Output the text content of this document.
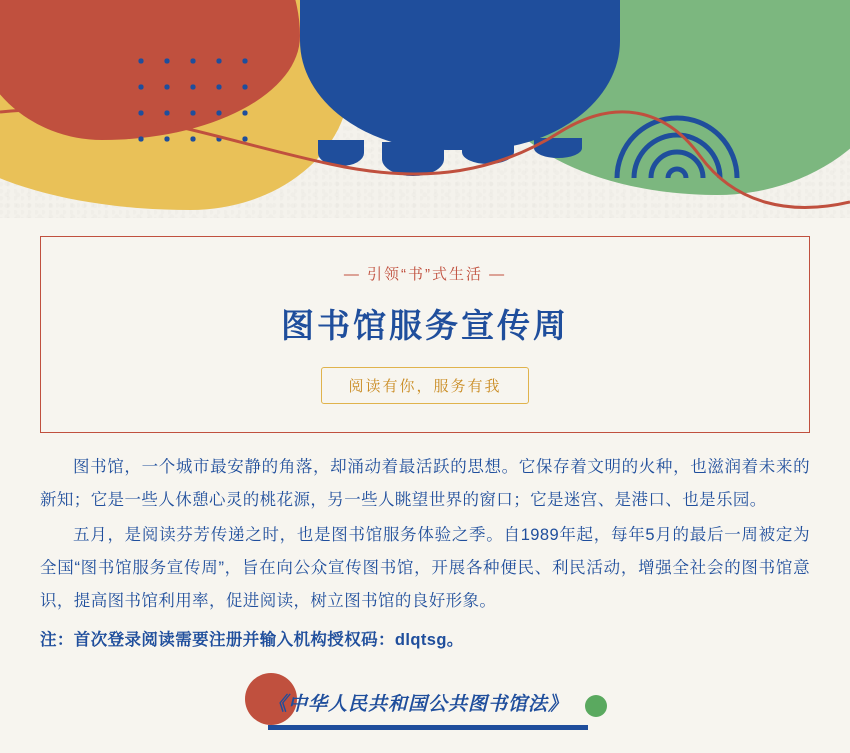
— 引领“书”式生活 —
图书馆服务宣传周
阅读有你，服务有我

图书馆，一个城市最安静的角落，却涌动着最活跃的思想。它保存着文明的火种，也滋润着未来的新知；它是一些人休憩心灵的桃花源，另一些人眺望世界的窗口；它是迷宫、是港口、也是乐园。

五月，是阅读芬芳传递之时，也是图书馆服务体验之季。自1989年起，每年5月的最后一周被定为全国“图书馆服务宣传周”，旨在向公众宣传图书馆，开展各种便民、利民活动，增强全社会的图书馆意识，提高图书馆利用率，促进阅读，树立图书馆的良好形象。

注：首次登录阅读需要注册并输入机构授权码：dlqtsg。

《中华人民共和国公共图书馆法》
